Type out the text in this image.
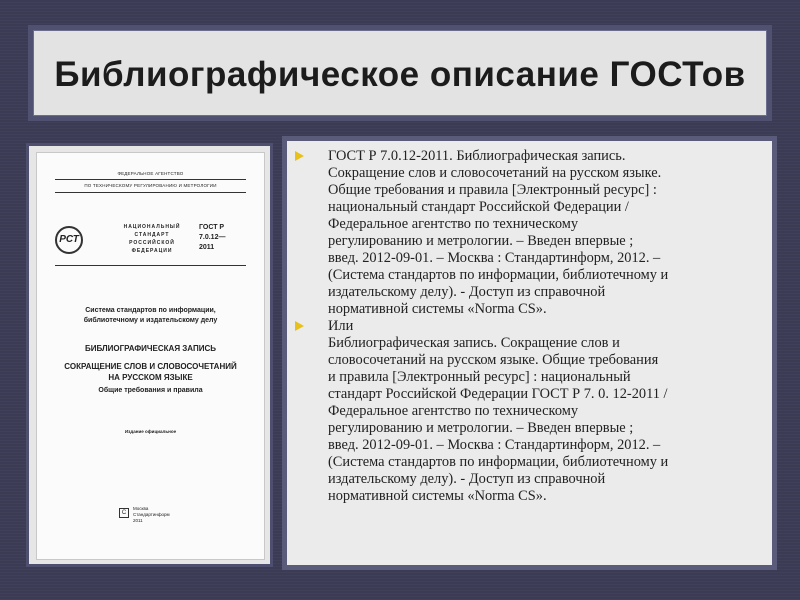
Библиографическое описание ГОСТов
ФЕДЕРАЛЬНОЕ АГЕНТСТВО
ПО ТЕХНИЧЕСКОМУ РЕГУЛИРОВАНИЮ И МЕТРОЛОГИИ
РСТ
НАЦИОНАЛЬНЫЙ
СТАНДАРТ
РОССИЙСКОЙ
ФЕДЕРАЦИИ
ГОСТ Р
7.0.12—
2011
Система стандартов по информации,
библиотечному и издательскому делу
БИБЛИОГРАФИЧЕСКАЯ ЗАПИСЬ
СОКРАЩЕНИЕ СЛОВ И СЛОВОСОЧЕТАНИЙ
НА РУССКОМ ЯЗЫКЕ
Общие требования и правила
Издание официальное
С
Москва
Стандартинформ
2011
ГОСТ Р 7.0.12-2011. Библиографическая запись.
Сокращение слов и словосочетаний на русском языке.
Общие требования и правила [Электронный ресурс] :
национальный стандарт Российской Федерации /
Федеральное агентство по техническому
регулированию и метрологии. – Введен впервые ;
введ. 2012-09-01. – Москва : Стандартинформ, 2012. –
(Система стандартов по информации, библиотечному и
издательскому делу). - Доступ из справочной
нормативной системы «Norma CS».
Или
Библиографическая запись. Сокращение слов и
словосочетаний на русском языке. Общие требования
и правила [Электронный ресурс] : национальный
стандарт Российской Федерации ГОСТ Р 7. 0. 12-2011 /
Федеральное агентство по техническому
регулированию и метрологии. – Введен впервые ;
введ. 2012-09-01. – Москва : Стандартинформ, 2012. –
(Система стандартов по информации, библиотечному и
издательскому делу). - Доступ из справочной
нормативной системы «Norma CS».
